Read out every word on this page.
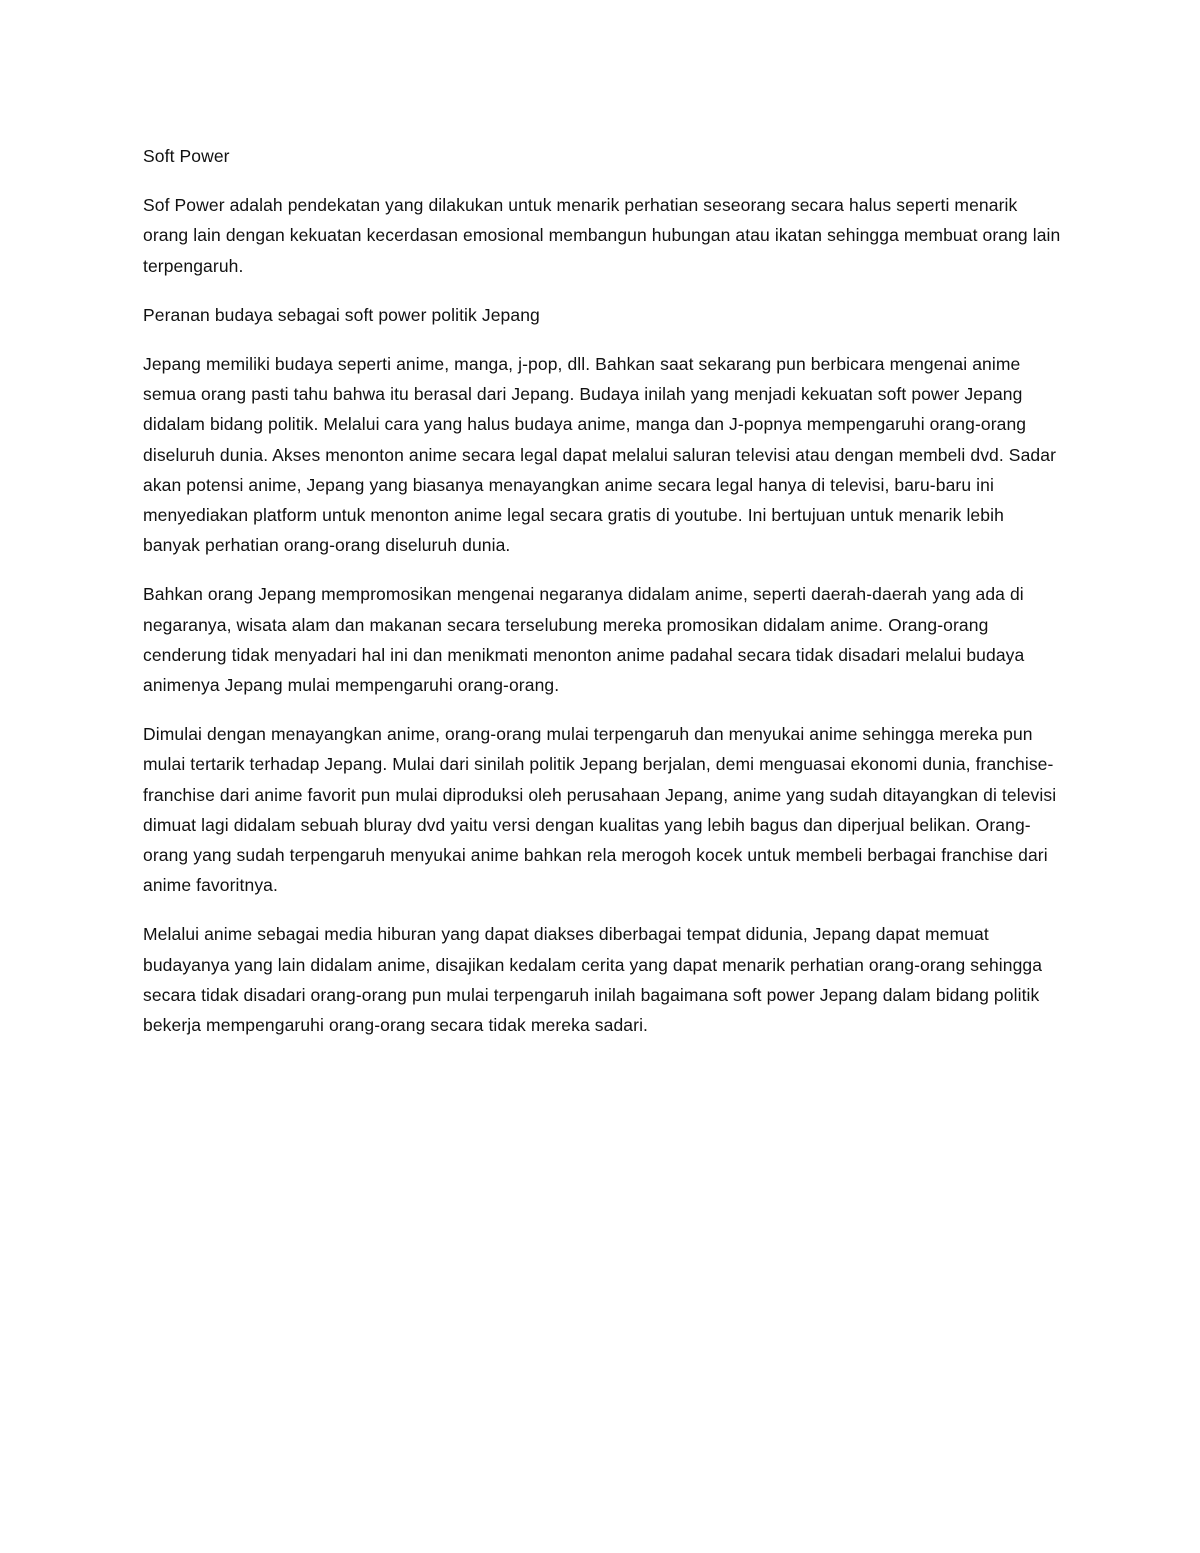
Soft Power

Sof Power adalah pendekatan yang dilakukan untuk menarik perhatian seseorang secara halus seperti menarik orang lain dengan kekuatan kecerdasan emosional membangun hubungan atau ikatan sehingga membuat orang lain terpengaruh.

Peranan budaya sebagai soft power politik Jepang

Jepang memiliki budaya seperti anime, manga, j-pop, dll. Bahkan saat sekarang pun berbicara mengenai anime semua orang pasti tahu bahwa itu berasal dari Jepang. Budaya inilah yang menjadi kekuatan soft power Jepang didalam bidang politik. Melalui cara yang halus budaya anime, manga dan J-popnya mempengaruhi orang-orang diseluruh dunia. Akses menonton anime secara legal dapat melalui saluran televisi atau dengan membeli dvd. Sadar akan potensi anime, Jepang yang biasanya menayangkan anime secara legal hanya di televisi, baru-baru ini menyediakan platform untuk menonton anime legal secara gratis di youtube. Ini bertujuan untuk menarik lebih banyak perhatian orang-orang diseluruh dunia.

Bahkan orang Jepang mempromosikan mengenai negaranya didalam anime, seperti daerah-daerah yang ada di negaranya, wisata alam dan makanan secara terselubung mereka promosikan didalam anime. Orang-orang cenderung tidak menyadari hal ini dan menikmati menonton anime padahal secara tidak disadari melalui budaya animenya Jepang mulai mempengaruhi orang-orang.

Dimulai dengan menayangkan anime, orang-orang mulai terpengaruh dan menyukai anime sehingga mereka pun mulai tertarik terhadap Jepang. Mulai dari sinilah politik Jepang berjalan, demi menguasai ekonomi dunia, franchise-franchise dari anime favorit pun mulai diproduksi oleh perusahaan Jepang, anime yang sudah ditayangkan di televisi dimuat lagi didalam sebuah bluray dvd yaitu versi dengan kualitas yang lebih bagus dan diperjual belikan. Orang-orang yang sudah terpengaruh menyukai anime bahkan rela merogoh kocek untuk membeli berbagai franchise dari anime favoritnya.

Melalui anime sebagai media hiburan yang dapat diakses diberbagai tempat didunia, Jepang dapat memuat budayanya yang lain didalam anime, disajikan kedalam cerita yang dapat menarik perhatian orang-orang sehingga secara tidak disadari orang-orang pun mulai terpengaruh inilah bagaimana soft power Jepang dalam bidang politik bekerja mempengaruhi orang-orang secara tidak mereka sadari.
